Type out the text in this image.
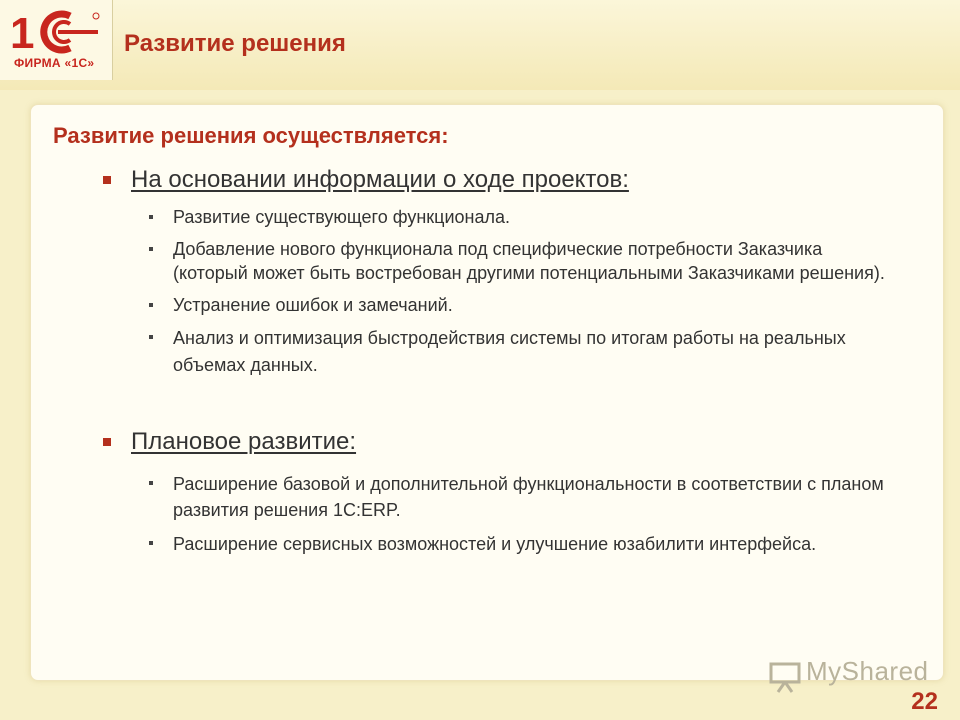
1
ФИРМА «1С»
Развитие решения
Развитие решения осуществляется:
На основании информации о ходе проектов:
Развитие существующего функционала.
Добавление нового функционала под специфические потребности Заказчика (который может быть востребован другими потенциальными Заказчиками решения).
Устранение ошибок и замечаний.
Анализ и оптимизация быстродействия системы по итогам работы на реальных объемах данных.
Плановое развитие:
Расширение базовой и дополнительной функциональности в соответствии с планом развития решения 1С:ERP.
Расширение сервисных возможностей и улучшение юзабилити интерфейса.
MyShared
22
